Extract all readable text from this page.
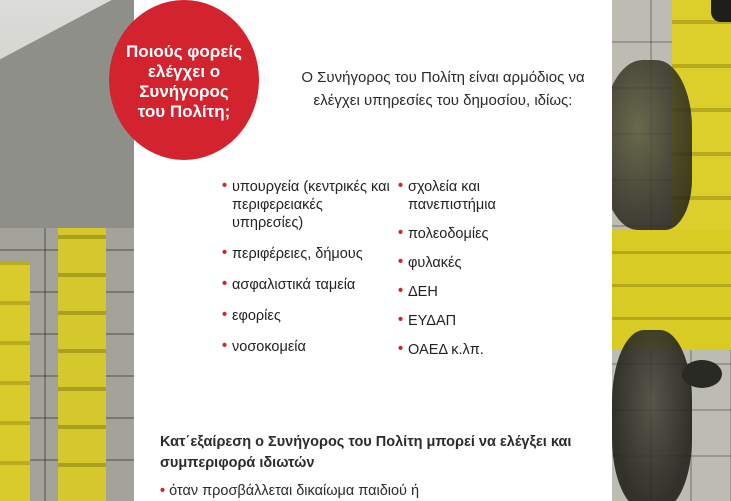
Ποιούς φορείς ελέγχει ο Συνήγορος του Πολίτη;
Ο Συνήγορος του Πολίτη είναι αρμόδιος να ελέγχει υπηρεσίες του δημοσίου, ιδίως:
• υπουργεία (κεντρικές και περιφερειακές υπηρεσίες)
• περιφέρειες, δήμους
• ασφαλιστικά ταμεία
• εφορίες
• νοσοκομεία
• σχολεία και πανεπιστήμια
• πολεοδομίες
• φυλακές
• ΔΕΗ
• ΕΥΔΑΠ
• ΟΑΕΔ κ.λπ.
Κατ΄εξαίρεση ο Συνήγορος του Πολίτη μπορεί να ελέγξει και συμπεριφορά ιδιωτών
• όταν προσβάλλεται δικαίωμα παιδιού ή
